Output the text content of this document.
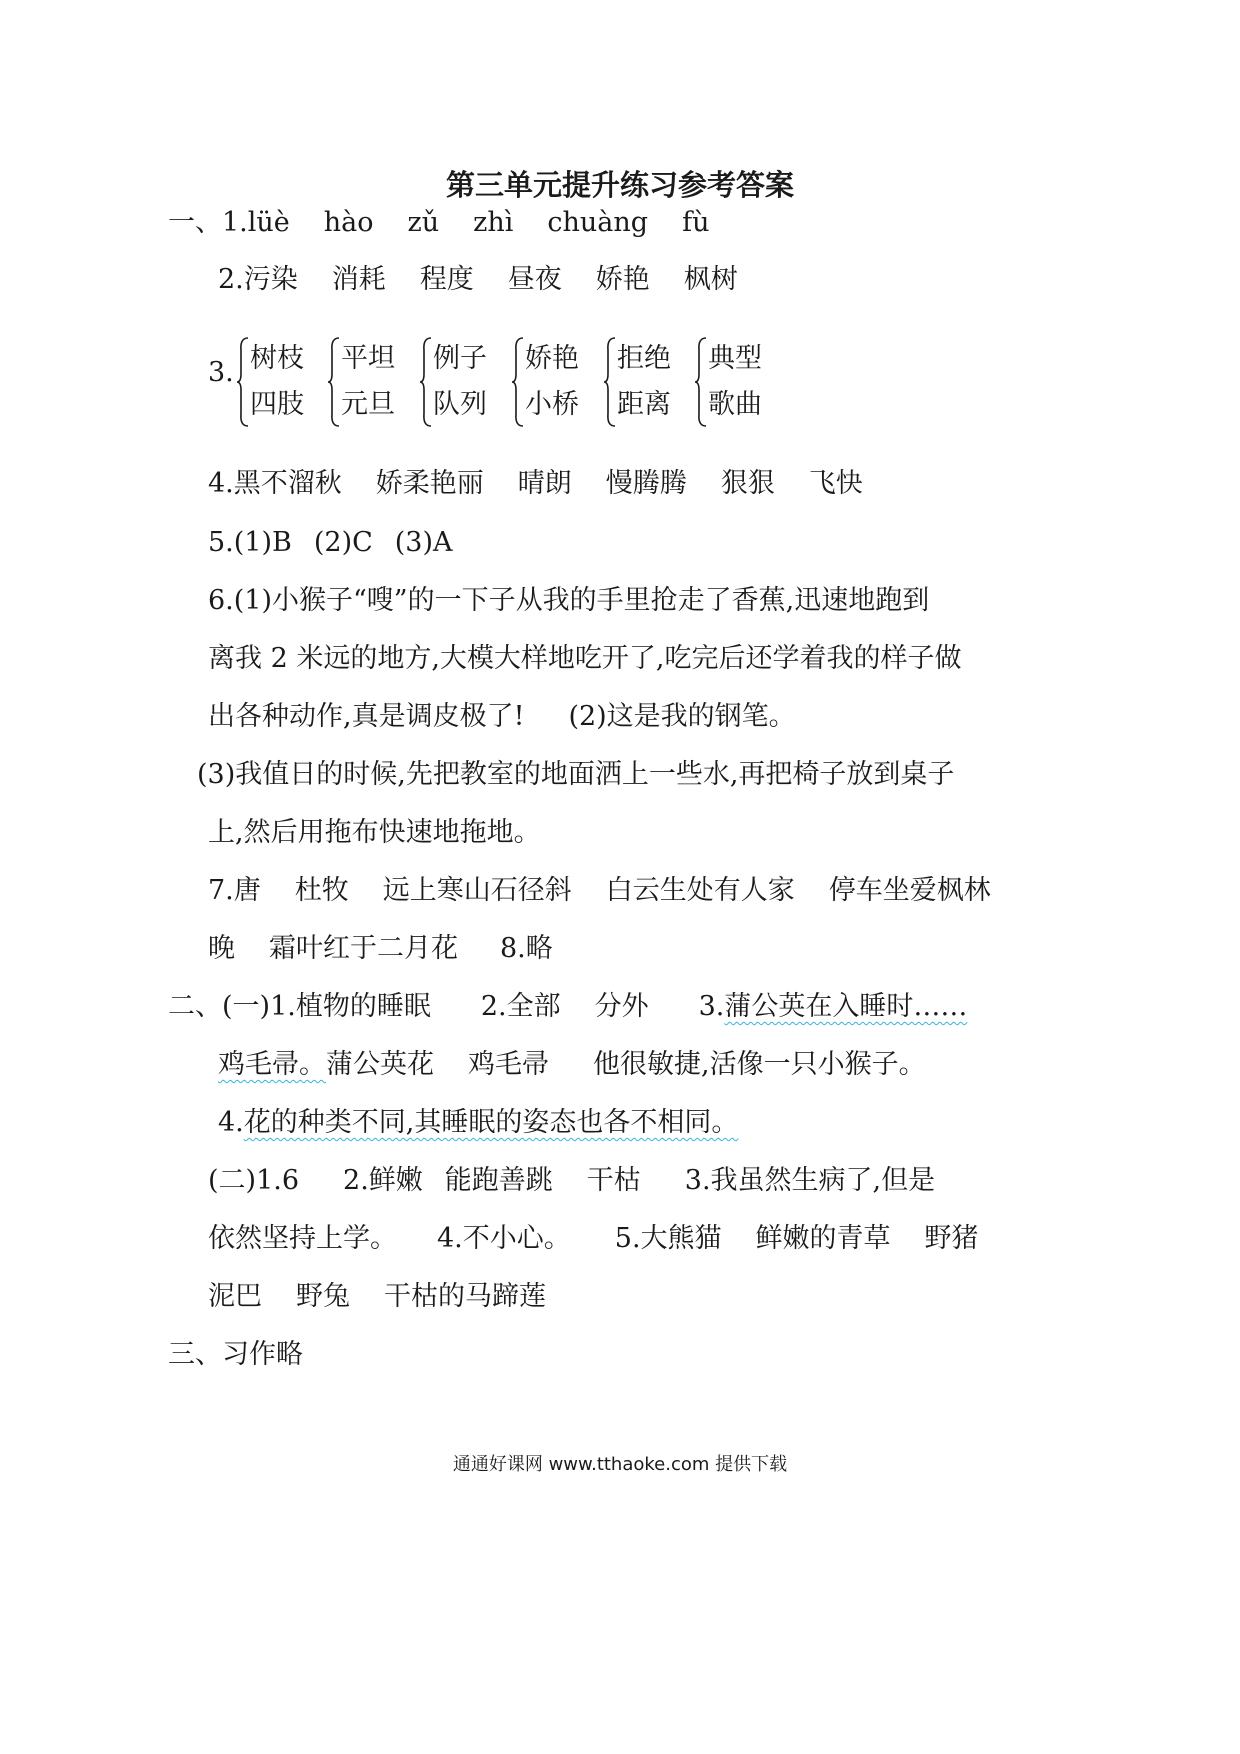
第三单元提升练习参考答案
一、1.lüè hào zǔ zhì chuàng fù
2.污染 消耗 程度 昼夜 娇艳 枫树
3. 树枝
四肢
平坦
元旦
例子
队列
娇艳
小桥
拒绝
距离
典型
歌曲
4.黑不溜秋 娇柔艳丽 晴朗 慢腾腾 狠狠 飞快
5.(1)B (2)C (3)A
6.(1)小猴子“嗖”的一下子从我的手里抢走了香蕉,迅速地跑到
离我 2 米远的地方,大模大样地吃开了,吃完后还学着我的样子做
出各种动作,真是调皮极了! (2)这是我的钢笔。
(3)我值日的时候,先把教室的地面洒上一些水,再把椅子放到桌子
上,然后用拖布快速地拖地。
7.唐 杜牧 远上寒山石径斜 白云生处有人家 停车坐爱枫林
晚 霜叶红于二月花 8.略
二、(一)1.植物的睡眠 2.全部 分外 3.蒲公英在入睡时……
鸡毛帚。蒲公英花 鸡毛帚 他很敏捷,活像一只小猴子。
4.花的种类不同,其睡眠的姿态也各不相同。
(二)1.6 2.鲜嫩 能跑善跳 干枯 3.我虽然生病了,但是
依然坚持上学。 4.不小心。 5.大熊猫 鲜嫩的青草 野猪
泥巴 野兔 干枯的马蹄莲
三、习作略
通通好课网 www.tthaoke.com 提供下载
